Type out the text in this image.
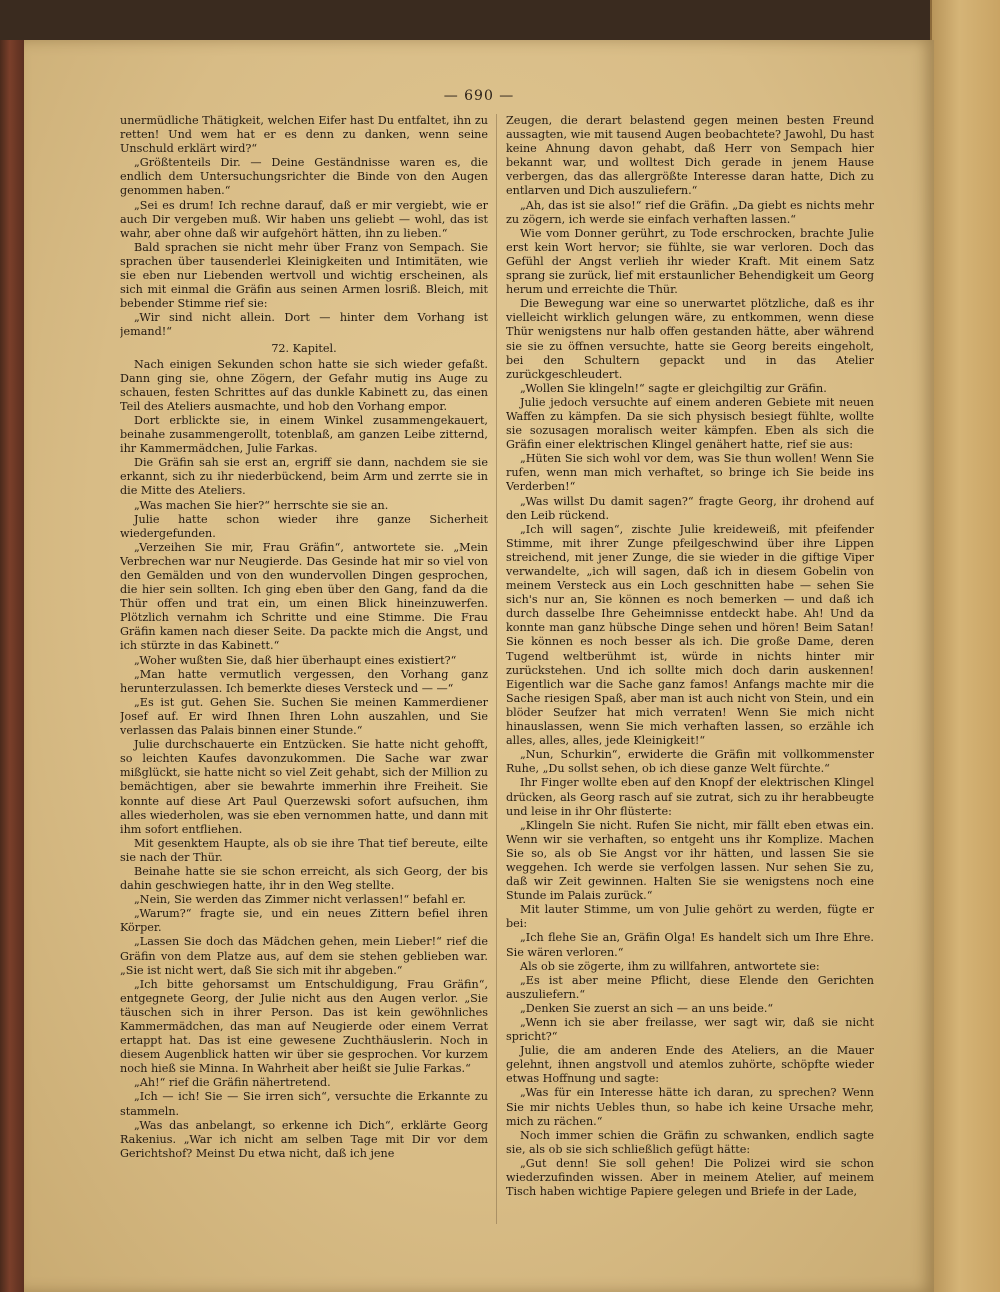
— 690 —

unermüdliche Thätigkeit, welchen Eifer hast Du entfaltet, ihn zu retten! Und wem hat er es denn zu danken, wenn seine Unschuld erklärt wird?“

„Größtenteils Dir. — Deine Geständnisse waren es, die endlich dem Untersuchungsrichter die Binde von den Augen genommen haben.“

„Sei es drum! Ich rechne darauf, daß er mir vergiebt, wie er auch Dir vergeben muß. Wir haben uns geliebt — wohl, das ist wahr, aber ohne daß wir aufgehört hätten, ihn zu lieben.“

Bald sprachen sie nicht mehr über Franz von Sempach. Sie sprachen über tausenderlei Kleinigkeiten und Intimitäten, wie sie eben nur Liebenden wertvoll und wichtig erscheinen, als sich mit einmal die Gräfin aus seinen Armen losriß. Bleich, mit bebender Stimme rief sie:

„Wir sind nicht allein. Dort — hinter dem Vorhang ist jemand!“

72. Kapitel.

Nach einigen Sekunden schon hatte sie sich wieder gefaßt. Dann ging sie, ohne Zögern, der Gefahr mutig ins Auge zu schauen, festen Schrittes auf das dunkle Kabinett zu, das einen Teil des Ateliers ausmachte, und hob den Vorhang empor.

Dort erblickte sie, in einem Winkel zusammengekauert, beinahe zusammengerollt, totenblaß, am ganzen Leibe zitternd, ihr Kammermädchen, Julie Farkas.

Die Gräfin sah sie erst an, ergriff sie dann, nachdem sie sie erkannt, sich zu ihr niederbückend, beim Arm und zerrte sie in die Mitte des Ateliers.

„Was machen Sie hier?“ herrschte sie sie an.

Julie hatte schon wieder ihre ganze Sicherheit wiedergefunden.

„Verzeihen Sie mir, Frau Gräfin“, antwortete sie. „Mein Verbrechen war nur Neugierde. Das Gesinde hat mir so viel von den Gemälden und von den wundervollen Dingen gesprochen, die hier sein sollten. Ich ging eben über den Gang, fand da die Thür offen und trat ein, um einen Blick hineinzuwerfen. Plötzlich vernahm ich Schritte und eine Stimme. Die Frau Gräfin kamen nach dieser Seite. Da packte mich die Angst, und ich stürzte in das Kabinett.“

„Woher wußten Sie, daß hier überhaupt eines existiert?“

„Man hatte vermutlich vergessen, den Vorhang ganz herunterzulassen. Ich bemerkte dieses Versteck und — —“

„Es ist gut. Gehen Sie. Suchen Sie meinen Kammerdiener Josef auf. Er wird Ihnen Ihren Lohn auszahlen, und Sie verlassen das Palais binnen einer Stunde.“

Julie durchschauerte ein Entzücken. Sie hatte nicht gehofft, so leichten Kaufes davonzukommen. Die Sache war zwar mißglückt, sie hatte nicht so viel Zeit gehabt, sich der Million zu bemächtigen, aber sie bewahrte immerhin ihre Freiheit. Sie konnte auf diese Art Paul Querzewski sofort aufsuchen, ihm alles wiederholen, was sie eben vernommen hatte, und dann mit ihm sofort entfliehen.

Mit gesenktem Haupte, als ob sie ihre That tief bereute, eilte sie nach der Thür.

Beinahe hatte sie sie schon erreicht, als sich Georg, der bis dahin geschwiegen hatte, ihr in den Weg stellte.

„Nein, Sie werden das Zimmer nicht verlassen!“ befahl er.

„Warum?“ fragte sie, und ein neues Zittern befiel ihren Körper.

„Lassen Sie doch das Mädchen gehen, mein Lieber!“ rief die Gräfin von dem Platze aus, auf dem sie stehen geblieben war. „Sie ist nicht wert, daß Sie sich mit ihr abgeben.“

„Ich bitte gehorsamst um Entschuldigung, Frau Gräfin“, entgegnete Georg, der Julie nicht aus den Augen verlor. „Sie täuschen sich in ihrer Person. Das ist kein gewöhnliches Kammermädchen, das man auf Neugierde oder einem Verrat ertappt hat. Das ist eine gewesene Zuchthäuslerin. Noch in diesem Augenblick hatten wir über sie gesprochen. Vor kurzem noch hieß sie Minna. In Wahrheit aber heißt sie Julie Farkas.“

„Ah!“ rief die Gräfin nähertretend.

„Ich — ich! Sie — Sie irren sich“, versuchte die Erkannte zu stammeln.

„Was das anbelangt, so erkenne ich Dich“, erklärte Georg Rakenius. „War ich nicht am selben Tage mit Dir vor dem Gerichtshof? Meinst Du etwa nicht, daß ich jene

Zeugen, die derart belastend gegen meinen besten Freund aussagten, wie mit tausend Augen beobachtete? Jawohl, Du hast keine Ahnung davon gehabt, daß Herr von Sempach hier bekannt war, und wolltest Dich gerade in jenem Hause verbergen, das das allergrößte Interesse daran hatte, Dich zu entlarven und Dich auszuliefern.“

„Ah, das ist sie also!“ rief die Gräfin. „Da giebt es nichts mehr zu zögern, ich werde sie einfach verhaften lassen.“

Wie vom Donner gerührt, zu Tode erschrocken, brachte Julie erst kein Wort hervor; sie fühlte, sie war verloren. Doch das Gefühl der Angst verlieh ihr wieder Kraft. Mit einem Satz sprang sie zurück, lief mit erstaunlicher Behendigkeit um Georg herum und erreichte die Thür.

Die Bewegung war eine so unerwartet plötzliche, daß es ihr vielleicht wirklich gelungen wäre, zu entkommen, wenn diese Thür wenigstens nur halb offen gestanden hätte, aber während sie sie zu öffnen versuchte, hatte sie Georg bereits eingeholt, bei den Schultern gepackt und in das Atelier zurückgeschleudert.

„Wollen Sie klingeln!“ sagte er gleichgiltig zur Gräfin.

Julie jedoch versuchte auf einem anderen Gebiete mit neuen Waffen zu kämpfen. Da sie sich physisch besiegt fühlte, wollte sie sozusagen moralisch weiter kämpfen. Eben als sich die Gräfin einer elektrischen Klingel genähert hatte, rief sie aus:

„Hüten Sie sich wohl vor dem, was Sie thun wollen! Wenn Sie rufen, wenn man mich verhaftet, so bringe ich Sie beide ins Verderben!“

„Was willst Du damit sagen?“ fragte Georg, ihr drohend auf den Leib rückend.

„Ich will sagen“, zischte Julie kreideweiß, mit pfeifender Stimme, mit ihrer Zunge pfeilgeschwind über ihre Lippen streichend, mit jener Zunge, die sie wieder in die giftige Viper verwandelte, „ich will sagen, daß ich in diesem Gobelin von meinem Versteck aus ein Loch geschnitten habe — sehen Sie sich's nur an, Sie können es noch bemerken — und daß ich durch dasselbe Ihre Geheimnisse entdeckt habe. Ah! Und da konnte man ganz hübsche Dinge sehen und hören! Beim Satan! Sie können es noch besser als ich. Die große Dame, deren Tugend weltberühmt ist, würde in nichts hinter mir zurückstehen. Und ich sollte mich doch darin auskennen! Eigentlich war die Sache ganz famos! Anfangs machte mir die Sache riesigen Spaß, aber man ist auch nicht von Stein, und ein blöder Seufzer hat mich verraten! Wenn Sie mich nicht hinauslassen, wenn Sie mich verhaften lassen, so erzähle ich alles, alles, alles, jede Kleinigkeit!“

„Nun, Schurkin“, erwiderte die Gräfin mit vollkommenster Ruhe, „Du sollst sehen, ob ich diese ganze Welt fürchte.“

Ihr Finger wollte eben auf den Knopf der elektrischen Klingel drücken, als Georg rasch auf sie zutrat, sich zu ihr herabbeugte und leise in ihr Ohr flüsterte:

„Klingeln Sie nicht. Rufen Sie nicht, mir fällt eben etwas ein. Wenn wir sie verhaften, so entgeht uns ihr Komplize. Machen Sie so, als ob Sie Angst vor ihr hätten, und lassen Sie sie weggehen. Ich werde sie verfolgen lassen. Nur sehen Sie zu, daß wir Zeit gewinnen. Halten Sie sie wenigstens noch eine Stunde im Palais zurück.“

Mit lauter Stimme, um von Julie gehört zu werden, fügte er bei:

„Ich flehe Sie an, Gräfin Olga! Es handelt sich um Ihre Ehre. Sie wären verloren.“

Als ob sie zögerte, ihm zu willfahren, antwortete sie:

„Es ist aber meine Pflicht, diese Elende den Gerichten auszuliefern.“

„Denken Sie zuerst an sich — an uns beide.“

„Wenn ich sie aber freilasse, wer sagt wir, daß sie nicht spricht?“

Julie, die am anderen Ende des Ateliers, an die Mauer gelehnt, ihnen angstvoll und atemlos zuhörte, schöpfte wieder etwas Hoffnung und sagte:

„Was für ein Interesse hätte ich daran, zu sprechen? Wenn Sie mir nichts Uebles thun, so habe ich keine Ursache mehr, mich zu rächen.“

Noch immer schien die Gräfin zu schwanken, endlich sagte sie, als ob sie sich schließlich gefügt hätte:

„Gut denn! Sie soll gehen! Die Polizei wird sie schon wiederzufinden wissen. Aber in meinem Atelier, auf meinem Tisch haben wichtige Papiere gelegen und Briefe in der Lade,
